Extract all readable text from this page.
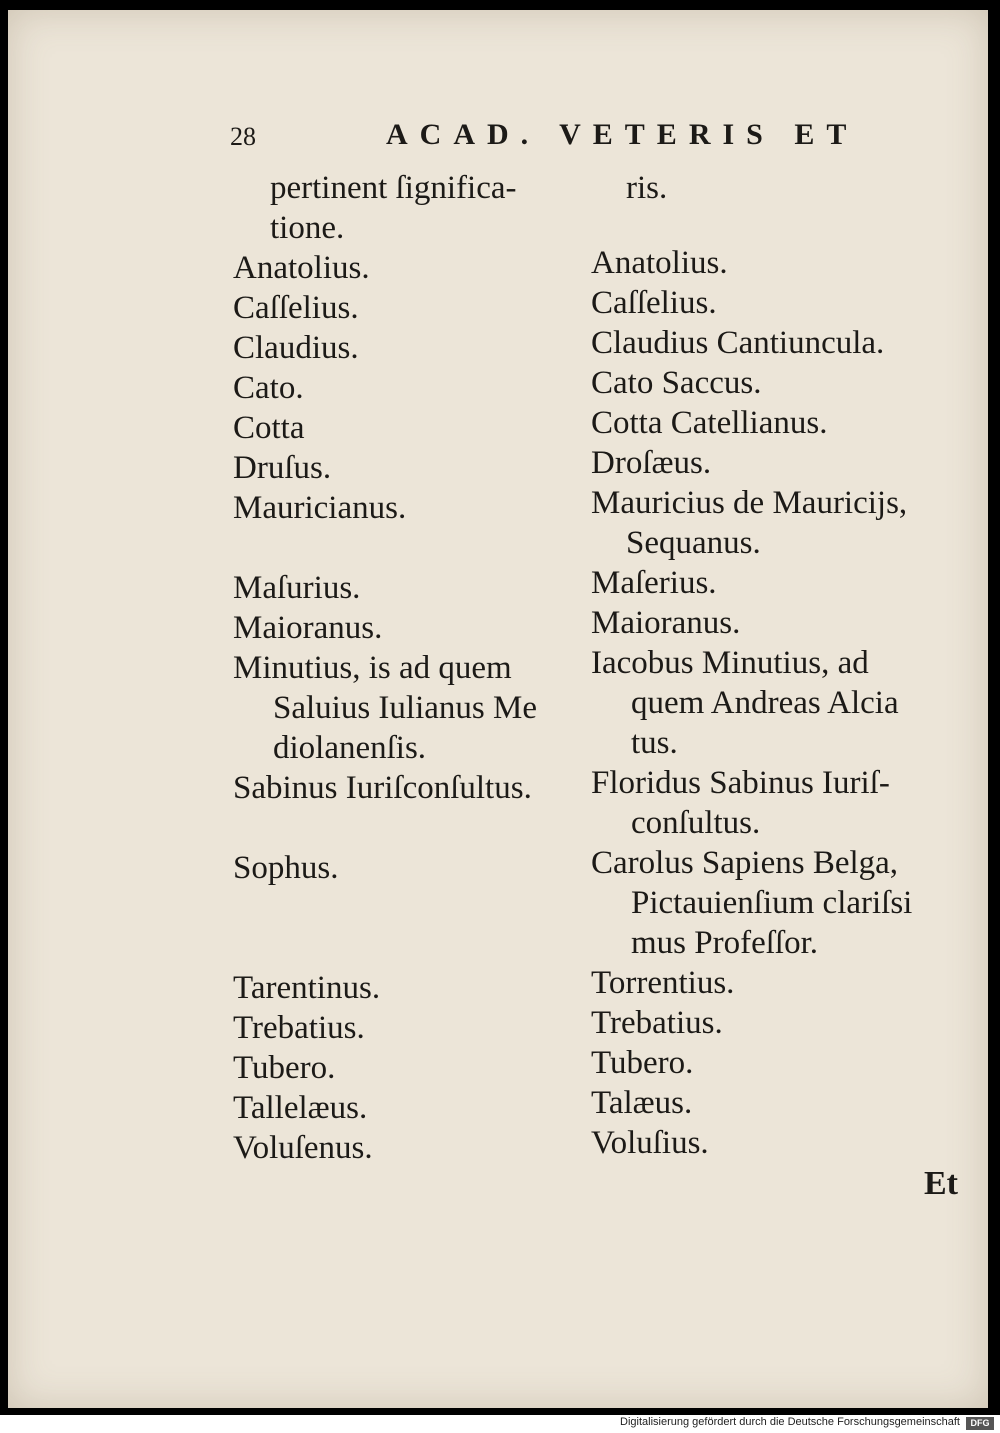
28	ACAD. VETERIS ET
pertinent ſignifica-
tione.
Anatolius.
Caſſelius.
Claudius.
Cato.
Cotta
Druſus.
Mauricianus.
Maſurius.
Maioranus.
Minutius, is ad quem
Saluius Iulianus Me
diolanenſis.
Sabinus Iuriſconſultus.
Sophus.
Tarentinus.
Trebatius.
Tubero.
Tallelæus.
Voluſenus.
ris.
Anatolius.
Caſſelius.
Claudius Cantiuncula.
Cato Saccus.
Cotta Catellianus.
Droſæus.
Mauricius de Mauricijs,
Sequanus.
Maſerius.
Maioranus.
Iacobus Minutius, ad
quem Andreas Alcia
tus.
Floridus Sabinus Iuriſ-
conſultus.
Carolus Sapiens Belga,
Pictauienſium clariſsi
mus Profeſſor.
Torrentius.
Trebatius.
Tubero.
Talæus.
Voluſius.
Et
Digitalisierung gefördert durch die Deutsche Forschungsgemeinschaft	DFG
